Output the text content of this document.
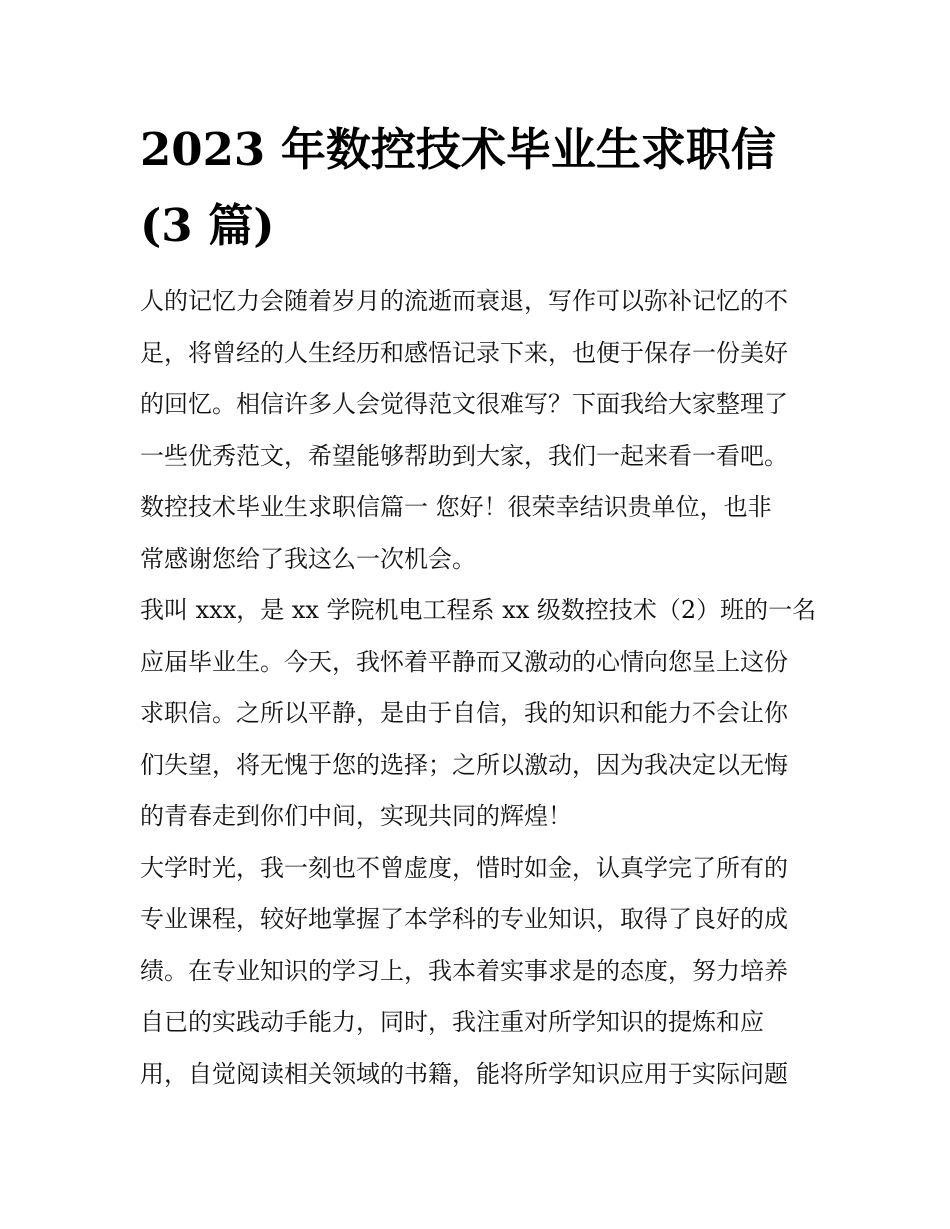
2023 年数控技术毕业生求职信
(3 篇)
人的记忆力会随着岁月的流逝而衰退，写作可以弥补记忆的不
足，将曾经的人生经历和感悟记录下来，也便于保存一份美好
的回忆。相信许多人会觉得范文很难写？下面我给大家整理了
一些优秀范文，希望能够帮助到大家，我们一起来看一看吧。
数控技术毕业生求职信篇一 您好！很荣幸结识贵单位，也非
常感谢您给了我这么一次机会。
我叫 xxx，是 xx 学院机电工程系 xx 级数控技术（2）班的一名
应届毕业生。今天，我怀着平静而又激动的心情向您呈上这份
求职信。之所以平静，是由于自信，我的知识和能力不会让你
们失望，将无愧于您的选择；之所以激动，因为我决定以无悔
的青春走到你们中间，实现共同的辉煌！
大学时光，我一刻也不曾虚度，惜时如金，认真学完了所有的
专业课程，较好地掌握了本学科的专业知识，取得了良好的成
绩。在专业知识的学习上，我本着实事求是的态度，努力培养
自已的实践动手能力，同时，我注重对所学知识的提炼和应
用，自觉阅读相关领域的书籍，能将所学知识应用于实际问题
